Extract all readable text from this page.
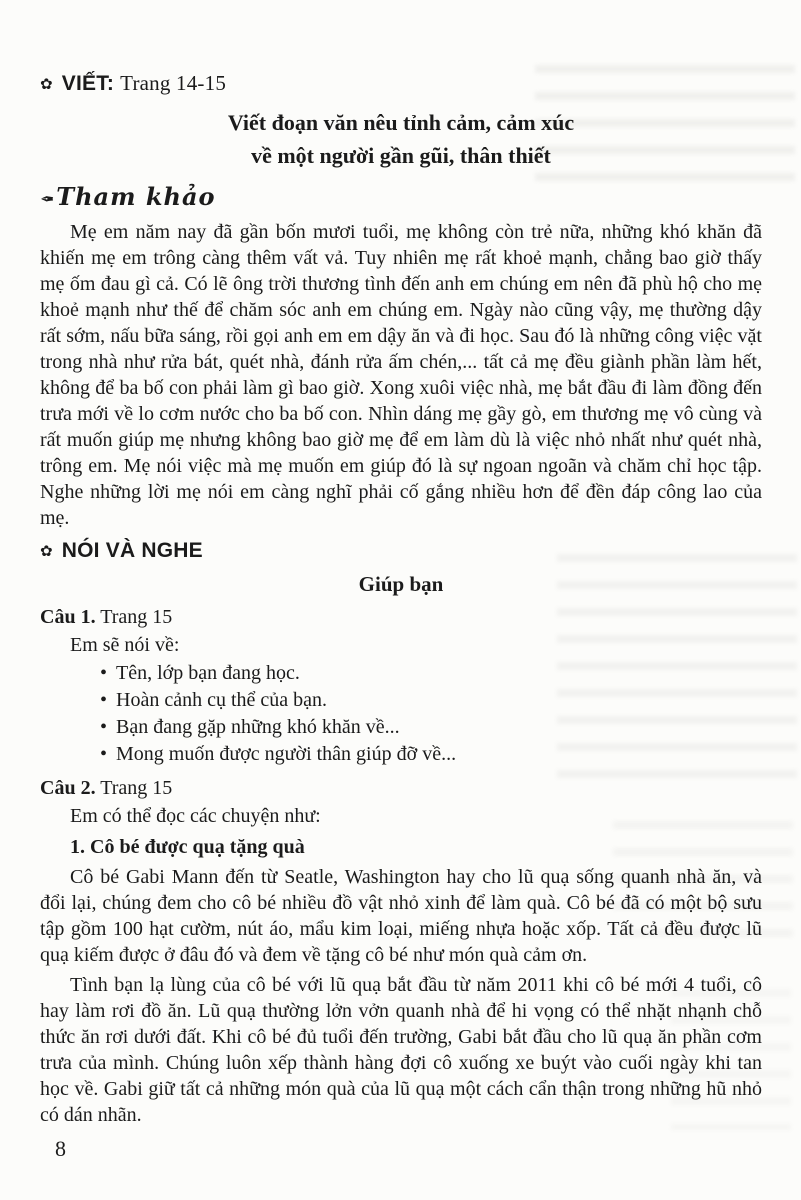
✿ VIẾT: Trang 14-15
Viết đoạn văn nêu tỉnh cảm, cảm xúc
về một người gần gũi, thân thiết
✒Tham khảo

Mẹ em năm nay đã gần bốn mươi tuổi, mẹ không còn trẻ nữa, những khó khăn đã khiến mẹ em trông càng thêm vất vả. Tuy nhiên mẹ rất khoẻ mạnh, chẳng bao giờ thấy mẹ ốm đau gì cả. Có lẽ ông trời thương tình đến anh em chúng em nên đã phù hộ cho mẹ khoẻ mạnh như thế để chăm sóc anh em chúng em. Ngày nào cũng vậy, mẹ thường dậy rất sớm, nấu bữa sáng, rồi gọi anh em em dậy ăn và đi học. Sau đó là những công việc vặt trong nhà như rửa bát, quét nhà, đánh rửa ấm chén,... tất cả mẹ đều giành phần làm hết, không để ba bố con phải làm gì bao giờ. Xong xuôi việc nhà, mẹ bắt đầu đi làm đồng đến trưa mới về lo cơm nước cho ba bố con. Nhìn dáng mẹ gầy gò, em thương mẹ vô cùng và rất muốn giúp mẹ nhưng không bao giờ mẹ để em làm dù là việc nhỏ nhất như quét nhà, trông em. Mẹ nói việc mà mẹ muốn em giúp đó là sự ngoan ngoãn và chăm chỉ học tập. Nghe những lời mẹ nói em càng nghĩ phải cố gắng nhiều hơn để đền đáp công lao của mẹ.

✿ NÓI VÀ NGHE
Giúp bạn
Câu 1. Trang 15

Em sẽ nói về:

• Tên, lớp bạn đang học.
• Hoàn cảnh cụ thể của bạn.
• Bạn đang gặp những khó khăn về...
• Mong muốn được người thân giúp đỡ về...
Câu 2. Trang 15

Em có thể đọc các chuyện như:

1. Cô bé được quạ tặng quà

Cô bé Gabi Mann đến từ Seatle, Washington hay cho lũ quạ sống quanh nhà ăn, và đổi lại, chúng đem cho cô bé nhiều đồ vật nhỏ xinh để làm quà. Cô bé đã có một bộ sưu tập gồm 100 hạt cườm, nút áo, mẩu kim loại, miếng nhựa hoặc xốp. Tất cả đều được lũ quạ kiếm được ở đâu đó và đem về tặng cô bé như món quà cảm ơn.

Tình bạn lạ lùng của cô bé với lũ quạ bắt đầu từ năm 2011 khi cô bé mới 4 tuổi, cô hay làm rơi đồ ăn. Lũ quạ thường lởn vởn quanh nhà để hi vọng có thể nhặt nhạnh chỗ thức ăn rơi dưới đất. Khi cô bé đủ tuổi đến trường, Gabi bắt đầu cho lũ quạ ăn phần cơm trưa của mình. Chúng luôn xếp thành hàng đợi cô xuống xe buýt vào cuối ngày khi tan học về. Gabi giữ tất cả những món quà của lũ quạ một cách cẩn thận trong những hũ nhỏ có dán nhãn.

8
